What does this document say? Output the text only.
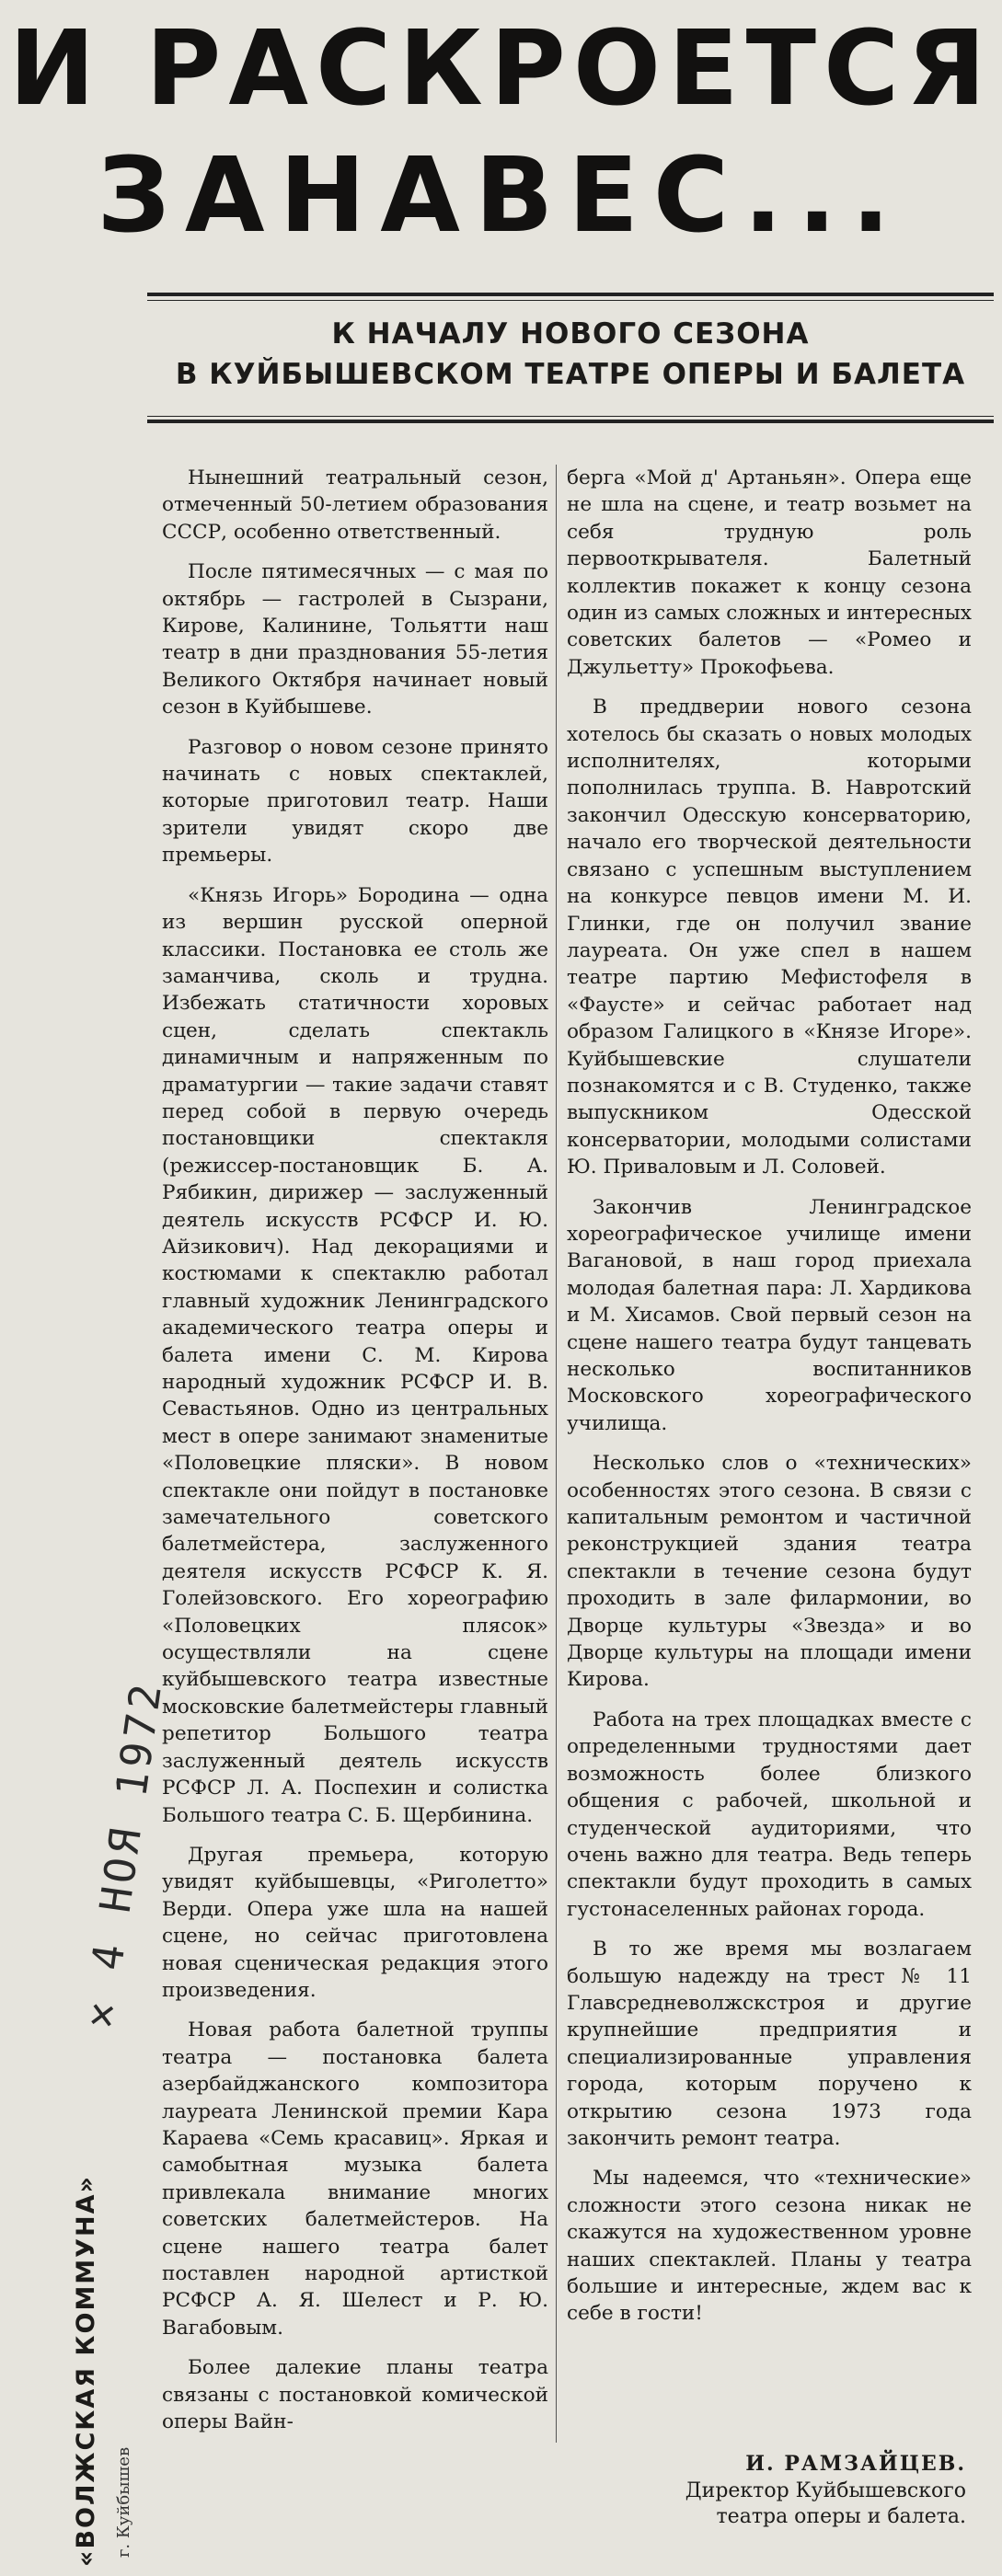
И РАСКРОЕТСЯ
ЗАНАВЕС...
К НАЧАЛУ НОВОГО СЕЗОНА
В КУЙБЫШЕВСКОМ ТЕАТРЕ ОПЕРЫ И БАЛЕТА

Нынешний театральный сезон, отмеченный 50-летием образования СССР, особенно ответственный.

После пятимесячных — с мая по октябрь — гастролей в Сызрани, Кирове, Калинине, Тольятти наш театр в дни празднования 55-летия Великого Октября начинает новый сезон в Куйбышеве.

Разговор о новом сезоне принято начинать с новых спектаклей, которые приготовил театр. Наши зрители увидят скоро две премьеры.

«Князь Игорь» Бородина — одна из вершин русской оперной классики. Постановка ее столь же заманчива, сколь и трудна. Избежать статичности хоровых сцен, сделать спектакль динамичным и напряженным по драматургии — такие задачи ставят перед собой в первую очередь постановщики спектакля (режиссер-постановщик Б. А. Рябикин, дирижер — заслуженный деятель искусств РСФСР И. Ю. Айзикович). Над декорациями и костюмами к спектаклю работал главный художник Ленинградского академического театра оперы и балета имени С. М. Кирова народный художник РСФСР И. В. Севастьянов. Одно из центральных мест в опере занимают знаменитые «Половецкие пляски». В новом спектакле они пойдут в постановке замечательного советского балетмейстера, заслуженного деятеля искусств РСФСР К. Я. Голейзовского. Его хореографию «Половецких плясок» осуществляли на сцене куйбышевского театра известные московские балетмейстеры главный репетитор Большого театра заслуженный деятель искусств РСФСР Л. А. Поспехин и солистка Большого театра С. Б. Щербинина.

Другая премьера, которую увидят куйбышевцы, «Риголетто» Верди. Опера уже шла на нашей сцене, но сейчас приготовлена новая сценическая редакция этого произведения.

Новая работа балетной труппы театра — постановка балета азербайджанского композитора лауреата Ленинской премии Кара Караева «Семь красавиц». Яркая и самобытная музыка балета привлекала внимание многих советских балетмейстеров. На сцене нашего театра балет поставлен народной артисткой РСФСР А. Я. Шелест и Р. Ю. Вагабовым.

Более далекие планы театра связаны с постановкой комической оперы Вайн-

берга «Мой д' Артаньян». Опера еще не шла на сцене, и театр возьмет на себя трудную роль первооткрывателя. Балетный коллектив покажет к концу сезона один из самых сложных и интересных советских балетов — «Ромео и Джульетту» Прокофьева.

В преддверии нового сезона хотелось бы сказать о новых молодых исполнителях, которыми пополнилась труппа. В. Навротский закончил Одесскую консерваторию, начало его творческой деятельности связано с успешным выступлением на конкурсе певцов имени М. И. Глинки, где он получил звание лауреата. Он уже спел в нашем театре партию Мефистофеля в «Фаусте» и сейчас работает над образом Галицкого в «Князе Игоре». Куйбышевские слушатели познакомятся и с В. Студенко, также выпускником Одесской консерватории, молодыми солистами Ю. Приваловым и Л. Соловей.

Закончив Ленинградское хореографическое училище имени Вагановой, в наш город приехала молодая балетная пара: Л. Хардикова и М. Хисамов. Свой первый сезон на сцене нашего театра будут танцевать несколько воспитанников Московского хореографического училища.

Несколько слов о «технических» особенностях этого сезона. В связи с капитальным ремонтом и частичной реконструкцией здания театра спектакли в течение сезона будут проходить в зале филармонии, во Дворце культуры «Звезда» и во Дворце культуры на площади имени Кирова.

Работа на трех площадках вместе с определенными трудностями дает возможность более близкого общения с рабочей, школьной и студенческой аудиториями, что очень важно для театра. Ведь теперь спектакли будут проходить в самых густонаселенных районах города.

В то же время мы возлагаем большую надежду на трест № 11 Главсредневолжскстроя и другие крупнейшие предприятия и специализированные управления города, которым поручено к открытию сезона 1973 года закончить ремонт театра.

Мы надеемся, что «технические» сложности этого сезона никак не скажутся на художественном уровне наших спектаклей. Планы у театра большие и интересные, ждем вас к себе в гости!

И. РАМЗАЙЦЕВ.
Директор Куйбышевского
театра оперы и балета.
«ВОЛЖСКАЯ КОММУНА» г. Куйбышев
✕ 4 НОЯ 1972
